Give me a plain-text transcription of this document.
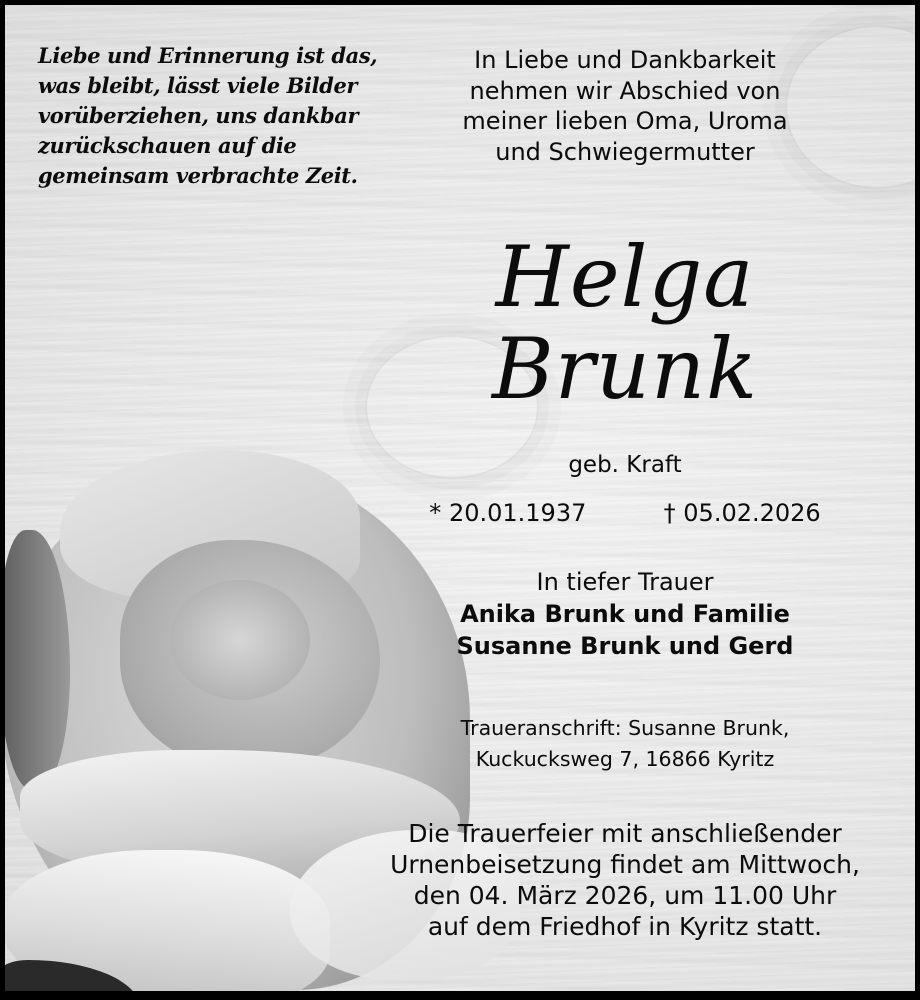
Liebe und Erinnerung ist das,
was bleibt, lässt viele Bilder
vorüberziehen, uns dankbar
zurückschauen auf die
gemeinsam verbrachte Zeit.
In Liebe und Dankbarkeit
nehmen wir Abschied von
meiner lieben Oma, Uroma
und Schwiegermutter
Helga
Brunk
geb. Kraft
* 20.01.1937	† 05.02.2026
In tiefer Trauer
Anika Brunk und Familie
Susanne Brunk und Gerd
Traueranschrift: Susanne Brunk,
Kuckucksweg 7, 16866 Kyritz
Die Trauerfeier mit anschließender
Urnenbeisetzung findet am Mittwoch,
den 04. März 2026, um 11.00 Uhr
auf dem Friedhof in Kyritz statt.
